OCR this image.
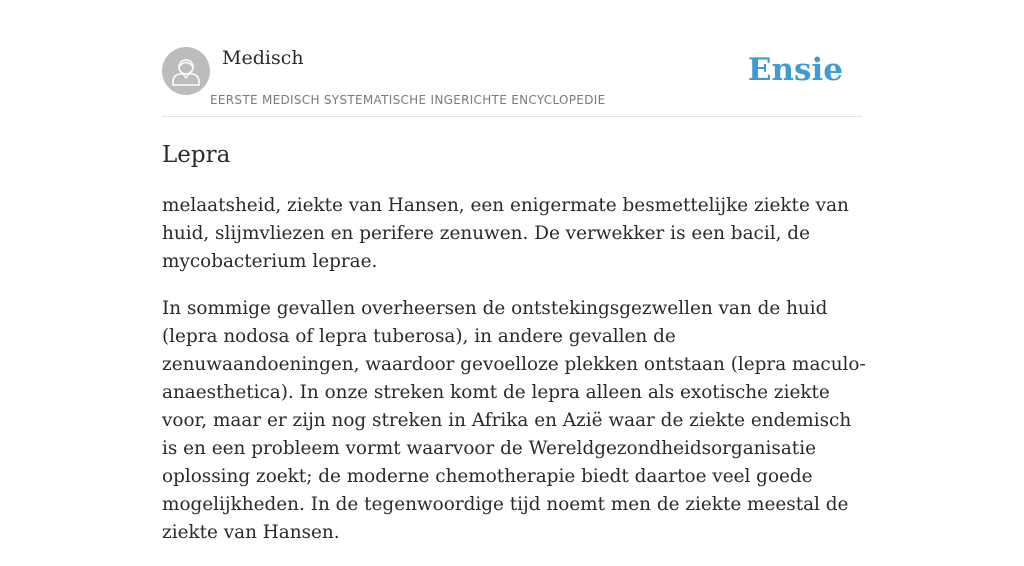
Medisch
EERSTE MEDISCH SYSTEMATISCHE INGERICHTE ENCYCLOPEDIE
Ensie
Lepra

melaatsheid, ziekte van Hansen, een enigermate besmettelijke ziekte van huid, slijmvliezen en perifere zenuwen. De verwekker is een bacil, de mycobacterium leprae.

In sommige gevallen overheersen de ontstekingsgezwellen van de huid (lepra nodosa of lepra tuberosa), in andere gevallen de zenuwaandoeningen, waardoor gevoelloze plekken ontstaan (lepra maculo-anaesthetica). In onze streken komt de lepra alleen als exotische ziekte voor, maar er zijn nog streken in Afrika en Azië waar de ziekte endemisch is en een probleem vormt waarvoor de Wereldgezondheidsorganisatie oplossing zoekt; de moderne chemotherapie biedt daartoe veel goede mogelijkheden. In de tegenwoordige tijd noemt men de ziekte meestal de ziekte van Hansen.
